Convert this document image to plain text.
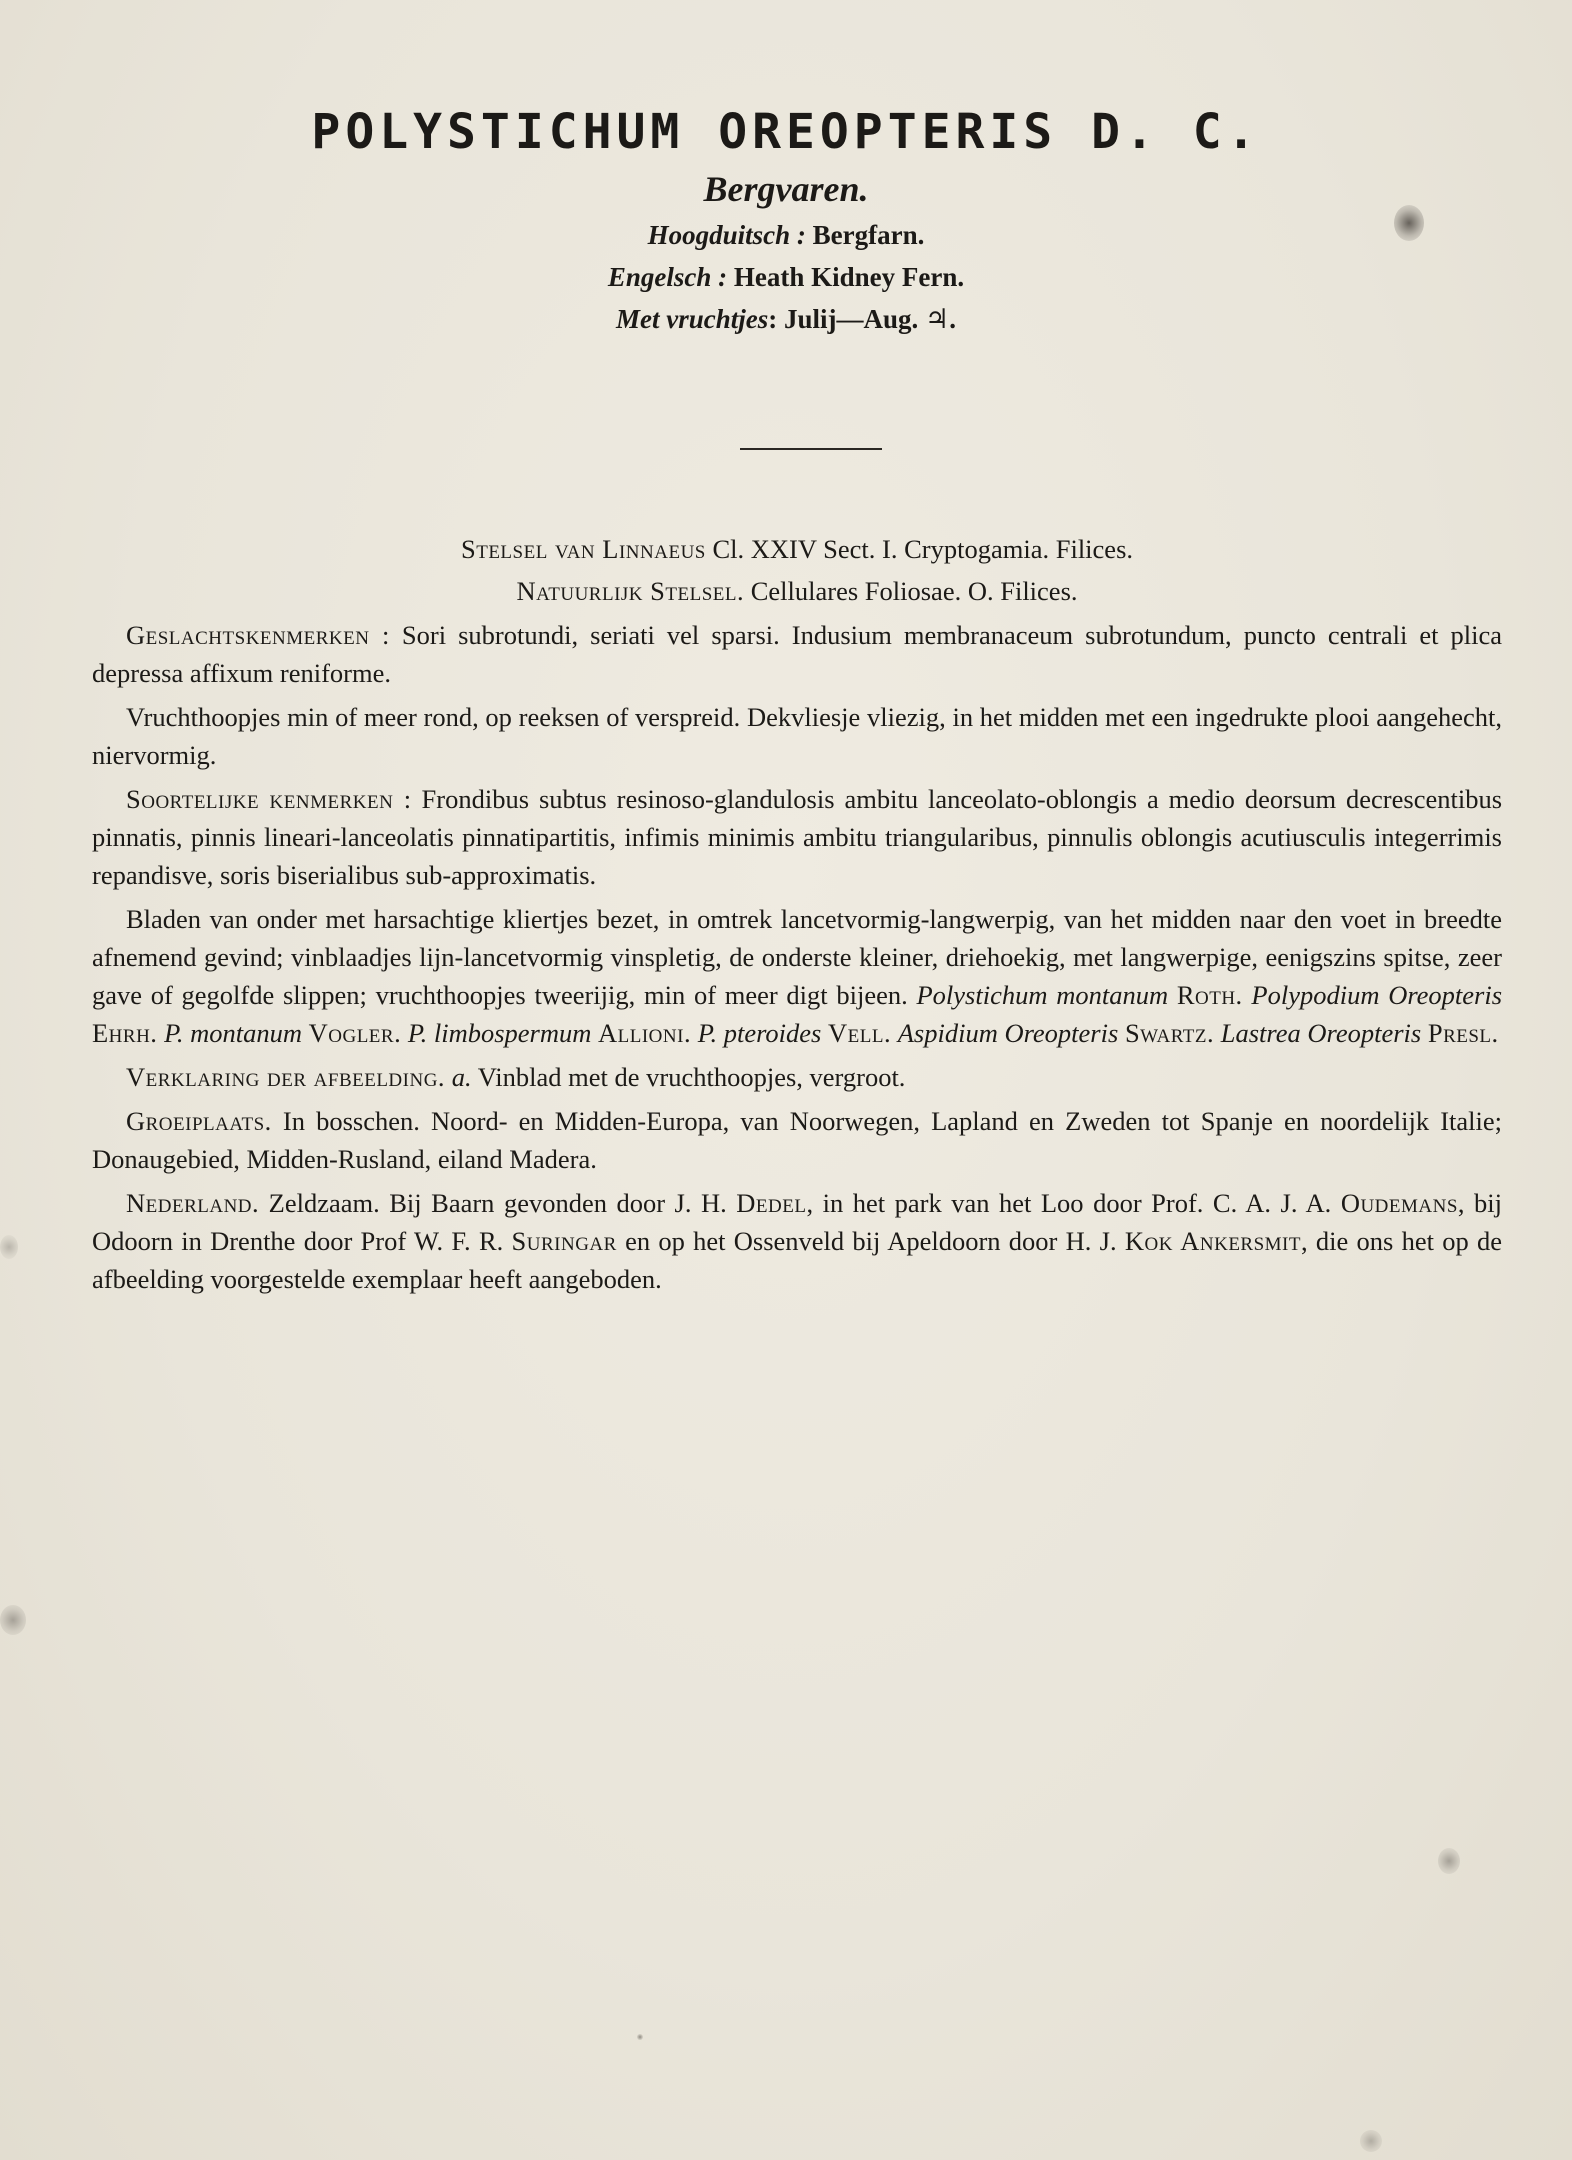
POLYSTICHUM OREOPTERIS D. C.

Bergvaren.

Hoogduitsch : Bergfarn.
Engelsch : Heath Kidney Fern.
Met vruchtjes: Julij—Aug. ♃.
Stelsel van Linnaeus Cl. XXIV Sect. I. Cryptogamia. Filices.
Natuurlijk Stelsel. Cellulares Foliosae. O. Filices.
Geslachtskenmerken : Sori subrotundi, seriati vel sparsi. Indusium membranaceum subrotundum, puncto centrali et plica depressa affixum reniforme.
Vruchthoopjes min of meer rond, op reeksen of verspreid. Dekvliesje vliezig, in het midden met een ingedrukte plooi aangehecht, niervormig.
Soortelijke kenmerken : Frondibus subtus resinoso-glandulosis ambitu lanceolato-oblongis a medio deorsum decrescentibus pinnatis, pinnis lineari-lanceolatis pinnatipartitis, infimis minimis ambitu triangularibus, pinnulis oblongis acutiusculis integerrimis repandisve, soris biserialibus sub-approximatis.
Bladen van onder met harsachtige kliertjes bezet, in omtrek lancetvormig-langwerpig, van het midden naar den voet in breedte afnemend gevind; vinblaadjes lijn-lancetvormig vinspletig, de onderste kleiner, driehoekig, met langwerpige, eenigszins spitse, zeer gave of gegolfde slippen; vruchthoopjes tweerijig, min of meer digt bijeen. Polystichum montanum Roth. Polypodium Oreopteris Ehrh. P. montanum Vogler. P. limbospermum Allioni. P. pteroides Vell. Aspidium Oreopteris Swartz. Lastrea Oreopteris Presl.
Verklaring der afbeelding. a. Vinblad met de vruchthoopjes, vergroot.
Groeiplaats. In bosschen. Noord- en Midden-Europa, van Noorwegen, Lapland en Zweden tot Spanje en noordelijk Italie; Donaugebied, Midden-Rusland, eiland Madera.
Nederland. Zeldzaam. Bij Baarn gevonden door J. H. Dedel, in het park van het Loo door Prof. C. A. J. A. Oudemans, bij Odoorn in Drenthe door Prof W. F. R. Suringar en op het Ossenveld bij Apeldoorn door H. J. Kok Ankersmit, die ons het op de afbeelding voorgestelde exemplaar heeft aangeboden.
